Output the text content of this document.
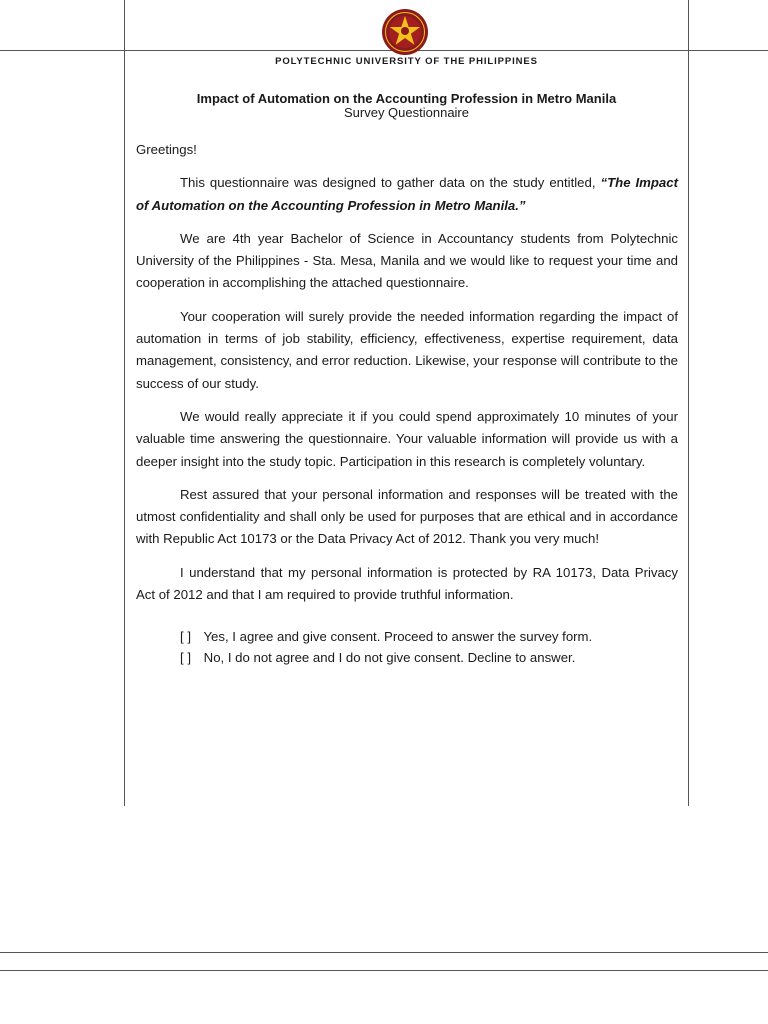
POLYTECHNIC UNIVERSITY OF THE PHILIPPINES
Impact of Automation on the Accounting Profession in Metro Manila
Survey Questionnaire

Greetings!

This questionnaire was designed to gather data on the study entitled, “The Impact of Automation on the Accounting Profession in Metro Manila.”

We are 4th year Bachelor of Science in Accountancy students from Polytechnic University of the Philippines - Sta. Mesa, Manila and we would like to request your time and cooperation in accomplishing the attached questionnaire.

Your cooperation will surely provide the needed information regarding the impact of automation in terms of job stability, efficiency, effectiveness, expertise requirement, data management, consistency, and error reduction. Likewise, your response will contribute to the success of our study.

We would really appreciate it if you could spend approximately 10 minutes of your valuable time answering the questionnaire. Your valuable information will provide us with a deeper insight into the study topic. Participation in this research is completely voluntary.

Rest assured that your personal information and responses will be treated with the utmost confidentiality and shall only be used for purposes that are ethical and in accordance with Republic Act 10173 or the Data Privacy Act of 2012. Thank you very much!

I understand that my personal information is protected by RA 10173, Data Privacy Act of 2012 and that I am required to provide truthful information.

[ ] Yes, I agree and give consent. Proceed to answer the survey form.
[ ] No, I do not agree and I do not give consent. Decline to answer.
